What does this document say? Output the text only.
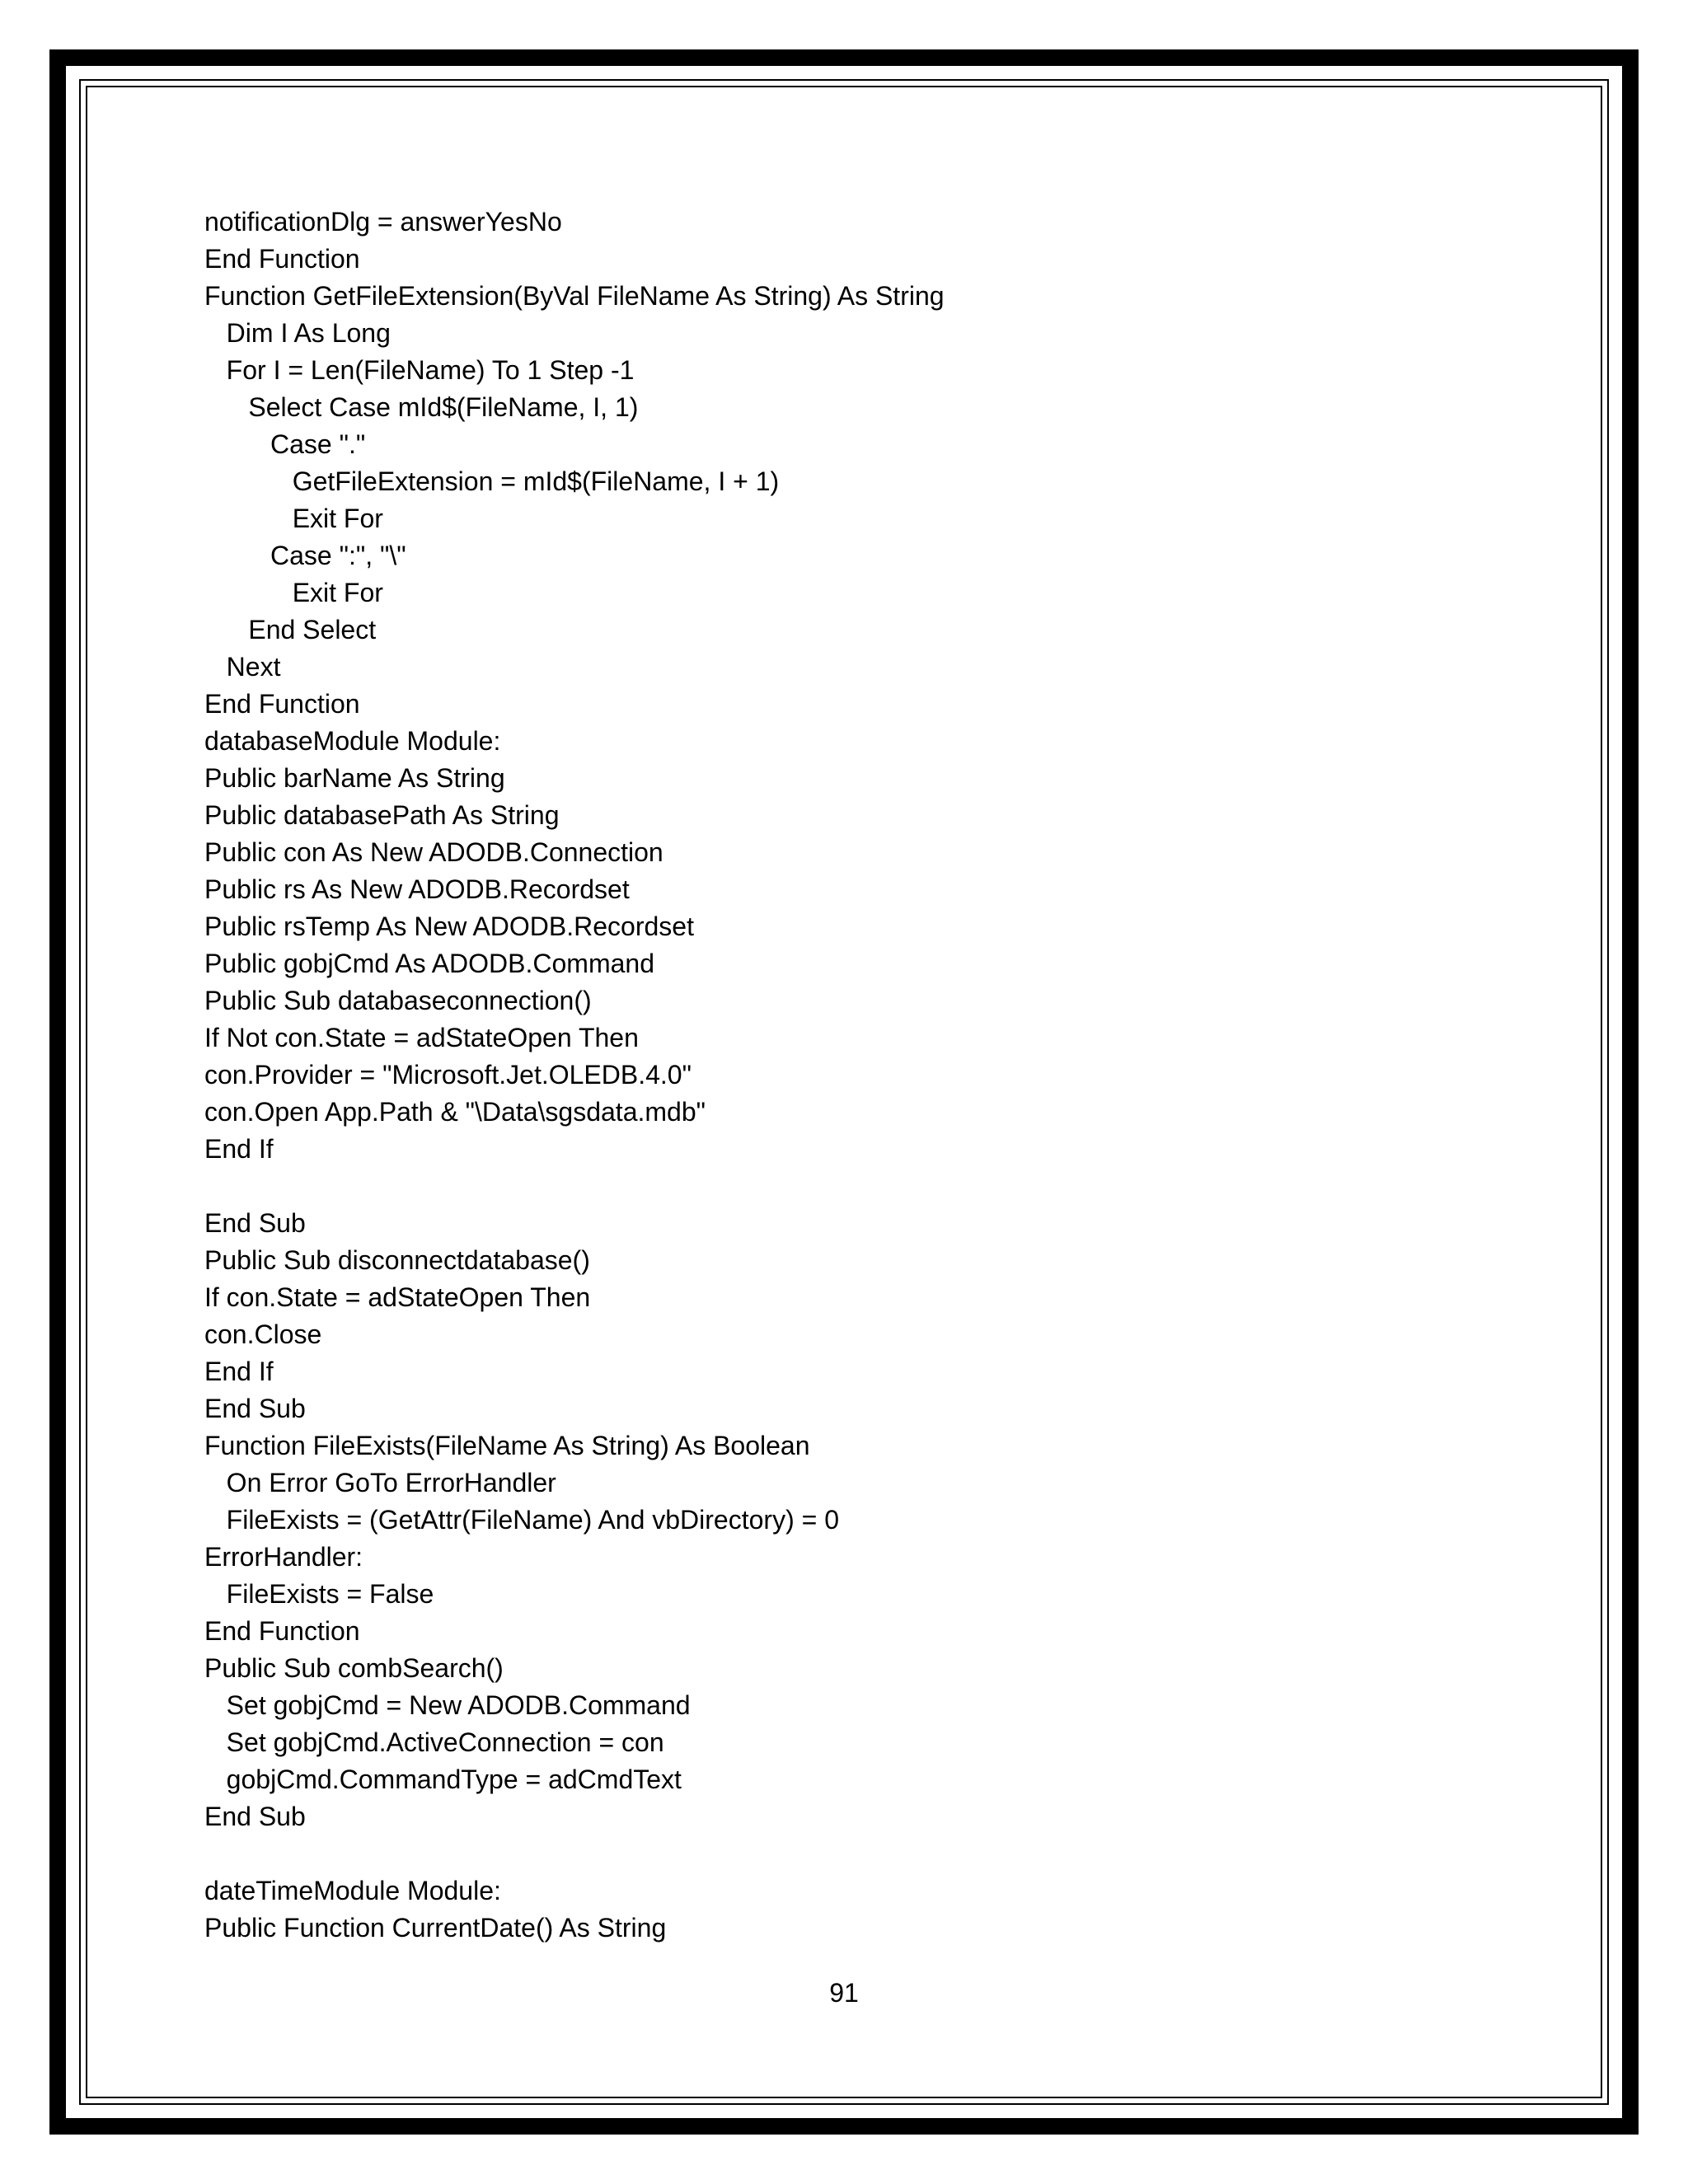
notificationDlg = answerYesNo
End Function
Function GetFileExtension(ByVal FileName As String) As String
Dim I As Long
For I = Len(FileName) To 1 Step -1
Select Case mId$(FileName, I, 1)
Case "."
GetFileExtension = mId$(FileName, I + 1)
Exit For
Case ":", "\"
Exit For
End Select
Next
End Function
databaseModule Module:
Public barName As String
Public databasePath As String
Public con As New ADODB.Connection
Public rs As New ADODB.Recordset
Public rsTemp As New ADODB.Recordset
Public gobjCmd As ADODB.Command
Public Sub databaseconnection()
If Not con.State = adStateOpen Then
con.Provider = "Microsoft.Jet.OLEDB.4.0"
con.Open App.Path & "\Data\sgsdata.mdb"
End If
End Sub
Public Sub disconnectdatabase()
If con.State = adStateOpen Then
con.Close
End If
End Sub
Function FileExists(FileName As String) As Boolean
On Error GoTo ErrorHandler
FileExists = (GetAttr(FileName) And vbDirectory) = 0
ErrorHandler:
FileExists = False
End Function
Public Sub combSearch()
Set gobjCmd = New ADODB.Command
Set gobjCmd.ActiveConnection = con
gobjCmd.CommandType = adCmdText
End Sub
dateTimeModule Module:
Public Function CurrentDate() As String
91
